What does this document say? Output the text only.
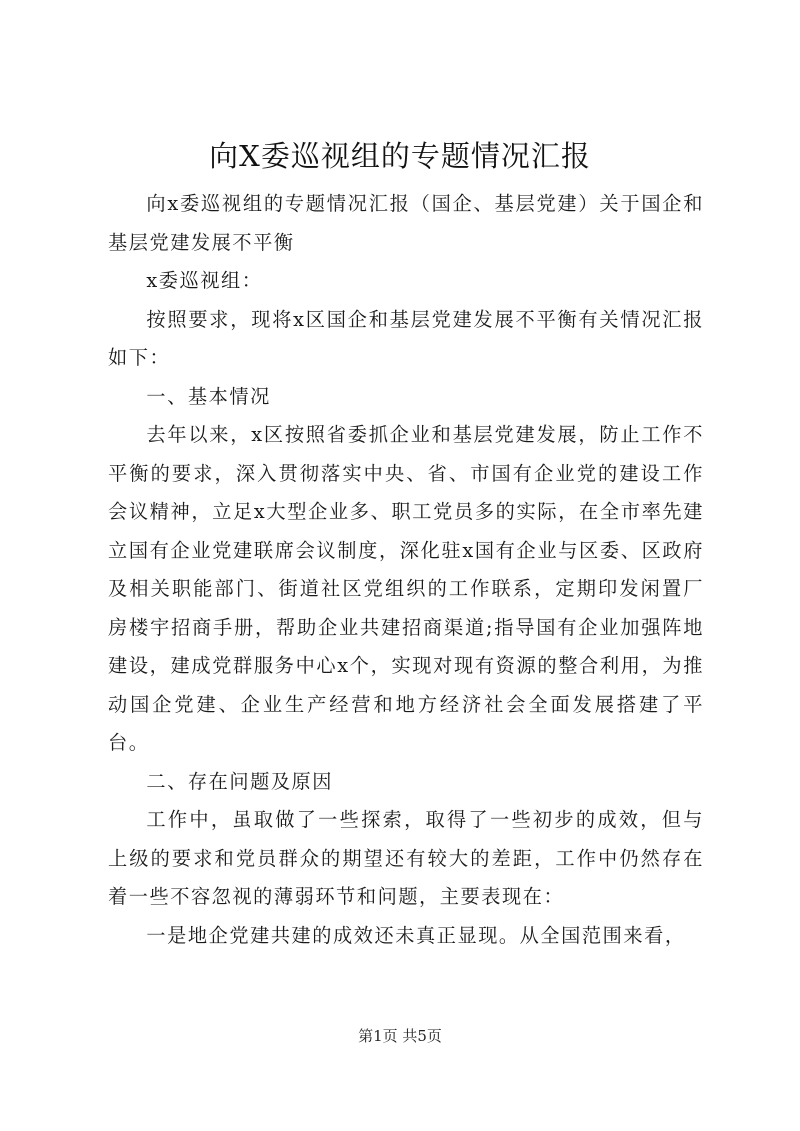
向X委巡视组的专题情况汇报

向x委巡视组的专题情况汇报（国企、基层党建）关于国企和基层党建发展不平衡

x委巡视组：

按照要求，现将x区国企和基层党建发展不平衡有关情况汇报如下：

一、基本情况

去年以来，x区按照省委抓企业和基层党建发展，防止工作不平衡的要求，深入贯彻落实中央、省、市国有企业党的建设工作会议精神，立足x大型企业多、职工党员多的实际，在全市率先建立国有企业党建联席会议制度，深化驻x国有企业与区委、区政府及相关职能部门、街道社区党组织的工作联系，定期印发闲置厂房楼宇招商手册，帮助企业共建招商渠道;指导国有企业加强阵地建设，建成党群服务中心x个，实现对现有资源的整合利用，为推动国企党建、企业生产经营和地方经济社会全面发展搭建了平台。

二、存在问题及原因

工作中，虽取做了一些探索，取得了一些初步的成效，但与上级的要求和党员群众的期望还有较大的差距，工作中仍然存在着一些不容忽视的薄弱环节和问题，主要表现在：

一是地企党建共建的成效还未真正显现。从全国范围来看，

第1页 共5页
